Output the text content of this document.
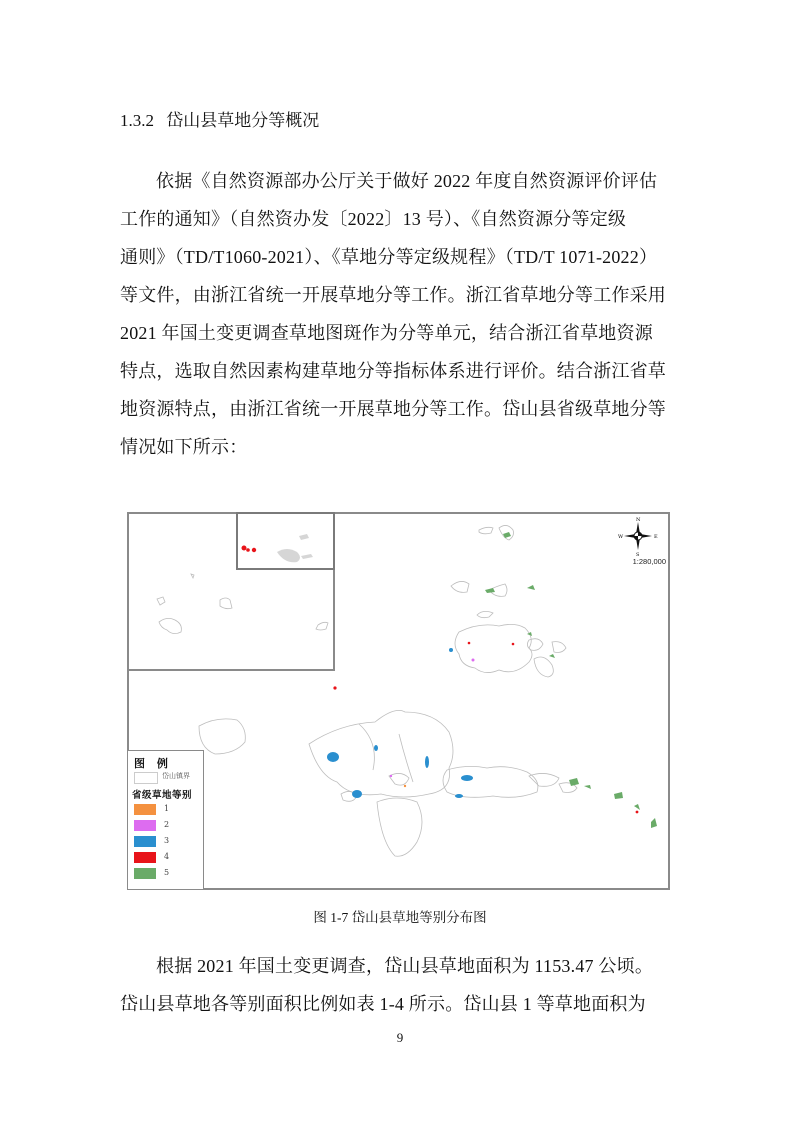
1.3.2 岱山县草地分等概况
依据《自然资源部办公厅关于做好 2022 年度自然资源评价评估
工作的通知》（自然资办发〔2022〕13 号）、《自然资源分等定级
通则》（TD/T1060-2021）、《草地分等定级规程》（TD/T 1071-2022）
等文件，由浙江省统一开展草地分等工作。浙江省草地分等工作采用
2021 年国土变更调查草地图斑作为分等单元，结合浙江省草地资源
特点，选取自然因素构建草地分等指标体系进行评价。结合浙江省草
地资源特点，由浙江省统一开展草地分等工作。岱山县省级草地分等
情况如下所示：
N
S
W	E
1:280,000
图 例
岱山镇界
省级草地等别
1
2
3
4
5
图 1-7 岱山县草地等别分布图
根据 2021 年国土变更调查，岱山县草地面积为 1153.47 公顷。
岱山县草地各等别面积比例如表 1-4 所示。岱山县 1 等草地面积为
9
